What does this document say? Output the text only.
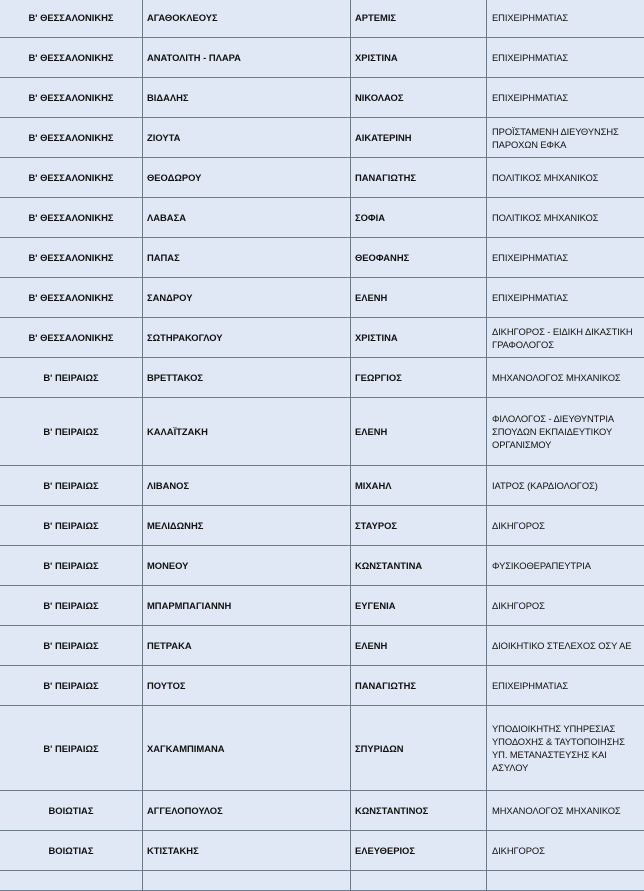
Β' ΘΕΣΣΑΛΟΝΙΚΗΣ	ΑΓΑΘΟΚΛΕΟΥΣ	ΑΡΤΕΜΙΣ	ΕΠΙΧΕΙΡΗΜΑΤΙΑΣ
Β' ΘΕΣΣΑΛΟΝΙΚΗΣ	ΑΝΑΤΟΛΙΤΗ - ΠΛΑΡΑ	ΧΡΙΣΤΙΝΑ	ΕΠΙΧΕΙΡΗΜΑΤΙΑΣ
Β' ΘΕΣΣΑΛΟΝΙΚΗΣ	ΒΙΔΑΛΗΣ	ΝΙΚΟΛΑΟΣ	ΕΠΙΧΕΙΡΗΜΑΤΙΑΣ
Β' ΘΕΣΣΑΛΟΝΙΚΗΣ	ΖΙΟΥΤΑ	ΑΙΚΑΤΕΡΙΝΗ	ΠΡΟΪΣΤΑΜΕΝΗ ΔΙΕΥΘΥΝΣΗΣ ΠΑΡΟΧΩΝ ΕΦΚΑ
Β' ΘΕΣΣΑΛΟΝΙΚΗΣ	ΘΕΟΔΩΡΟΥ	ΠΑΝΑΓΙΩΤΗΣ	ΠΟΛΙΤΙΚΟΣ ΜΗΧΑΝΙΚΟΣ
Β' ΘΕΣΣΑΛΟΝΙΚΗΣ	ΛΑΒΑΣΑ	ΣΟΦΙΑ	ΠΟΛΙΤΙΚΟΣ ΜΗΧΑΝΙΚΟΣ
Β' ΘΕΣΣΑΛΟΝΙΚΗΣ	ΠΑΠΑΣ	ΘΕΟΦΑΝΗΣ	ΕΠΙΧΕΙΡΗΜΑΤΙΑΣ
Β' ΘΕΣΣΑΛΟΝΙΚΗΣ	ΣΑΝΔΡΟΥ	ΕΛΕΝΗ	ΕΠΙΧΕΙΡΗΜΑΤΙΑΣ
Β' ΘΕΣΣΑΛΟΝΙΚΗΣ	ΣΩΤΗΡΑΚΟΓΛΟΥ	ΧΡΙΣΤΙΝΑ	ΔΙΚΗΓΟΡΟΣ - ΕΙΔΙΚΗ ΔΙΚΑΣΤΙΚΗ ΓΡΑΦΟΛΟΓΟΣ
Β' ΠΕΙΡΑΙΩΣ	ΒΡΕΤΤΑΚΟΣ	ΓΕΩΡΓΙΟΣ	ΜΗΧΑΝΟΛΟΓΟΣ ΜΗΧΑΝΙΚΟΣ
Β' ΠΕΙΡΑΙΩΣ	ΚΑΛΑΪΤΖΑΚΗ	ΕΛΕΝΗ	ΦΙΛΟΛΟΓΟΣ - ΔΙΕΥΘΥΝΤΡΙΑ ΣΠΟΥΔΩΝ ΕΚΠΑΙΔΕΥΤΙΚΟΥ ΟΡΓΑΝΙΣΜΟΥ
Β' ΠΕΙΡΑΙΩΣ	ΛΙΒΑΝΟΣ	ΜΙΧΑΗΛ	ΙΑΤΡΟΣ (ΚΑΡΔΙΟΛΟΓΟΣ)
Β' ΠΕΙΡΑΙΩΣ	ΜΕΛΙΔΩΝΗΣ	ΣΤΑΥΡΟΣ	ΔΙΚΗΓΟΡΟΣ
Β' ΠΕΙΡΑΙΩΣ	ΜΟΝΕΟΥ	ΚΩΝΣΤΑΝΤΙΝΑ	ΦΥΣΙΚΟΘΕΡΑΠΕΥΤΡΙΑ
Β' ΠΕΙΡΑΙΩΣ	ΜΠΑΡΜΠΑΓΙΑΝΝΗ	ΕΥΓΕΝΙΑ	ΔΙΚΗΓΟΡΟΣ
Β' ΠΕΙΡΑΙΩΣ	ΠΕΤΡΑΚΑ	ΕΛΕΝΗ	ΔΙΟΙΚΗΤΙΚΟ ΣΤΕΛΕΧΟΣ ΟΣΥ ΑΕ
Β' ΠΕΙΡΑΙΩΣ	ΠΟΥΤΟΣ	ΠΑΝΑΓΙΩΤΗΣ	ΕΠΙΧΕΙΡΗΜΑΤΙΑΣ
Β' ΠΕΙΡΑΙΩΣ	ΧΑΓΚΑΜΠΙΜΑΝΑ	ΣΠΥΡΙΔΩΝ	ΥΠΟΔΙΟΙΚΗΤΗΣ ΥΠΗΡΕΣΙΑΣ ΥΠΟΔΟΧΗΣ & ΤΑΥΤΟΠΟΙΗΣΗΣ ΥΠ. ΜΕΤΑΝΑΣΤΕΥΣΗΣ ΚΑΙ ΑΣΥΛΟΥ
ΒΟΙΩΤΙΑΣ	ΑΓΓΕΛΟΠΟΥΛΟΣ	ΚΩΝΣΤΑΝΤΙΝΟΣ	ΜΗΧΑΝΟΛΟΓΟΣ ΜΗΧΑΝΙΚΟΣ
ΒΟΙΩΤΙΑΣ	ΚΤΙΣΤΑΚΗΣ	ΕΛΕΥΘΕΡΙΟΣ	ΔΙΚΗΓΟΡΟΣ
